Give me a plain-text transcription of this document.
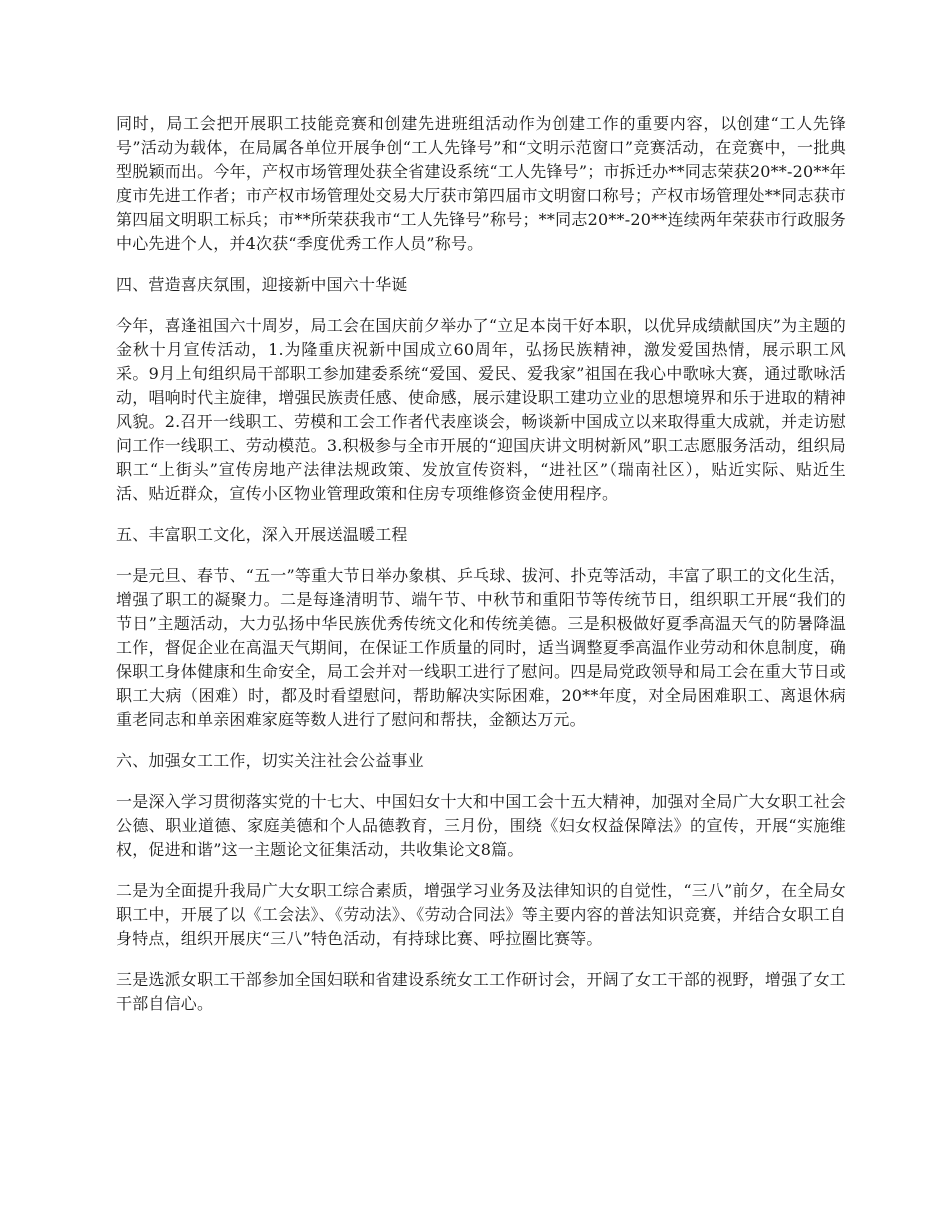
同时，局工会把开展职工技能竞赛和创建先进班组活动作为创建工作的重要内容，以创建“工人先锋号”活动为载体，在局属各单位开展争创“工人先锋号”和“文明示范窗口”竞赛活动，在竞赛中，一批典型脱颖而出。今年，产权市场管理处获全省建设系统“工人先锋号”；市拆迁办**同志荣获20**-20**年度市先进工作者；市产权市场管理处交易大厅获市第四届市文明窗口称号；产权市场管理处**同志获市第四届文明职工标兵；市**所荣获我市“工人先锋号”称号；**同志20**-20**连续两年荣获市行政服务中心先进个人，并4次获“季度优秀工作人员”称号。

四、营造喜庆氛围，迎接新中国六十华诞

今年，喜逢祖国六十周岁，局工会在国庆前夕举办了“立足本岗干好本职，以优异成绩献国庆”为主题的金秋十月宣传活动，1.为隆重庆祝新中国成立60周年，弘扬民族精神，激发爱国热情，展示职工风采。9月上旬组织局干部职工参加建委系统“爱国、爱民、爱我家”祖国在我心中歌咏大赛，通过歌咏活动，唱响时代主旋律，增强民族责任感、使命感，展示建设职工建功立业的思想境界和乐于进取的精神风貌。2.召开一线职工、劳模和工会工作者代表座谈会，畅谈新中国成立以来取得重大成就，并走访慰问工作一线职工、劳动模范。3.积极参与全市开展的“迎国庆讲文明树新风”职工志愿服务活动，组织局职工“上街头”宣传房地产法律法规政策、发放宣传资料，“进社区”（瑞南社区），贴近实际、贴近生活、贴近群众，宣传小区物业管理政策和住房专项维修资金使用程序。

五、丰富职工文化，深入开展送温暖工程

一是元旦、春节、“五一”等重大节日举办象棋、乒乓球、拔河、扑克等活动，丰富了职工的文化生活，增强了职工的凝聚力。二是每逢清明节、端午节、中秋节和重阳节等传统节日，组织职工开展“我们的节日”主题活动，大力弘扬中华民族优秀传统文化和传统美德。三是积极做好夏季高温天气的防暑降温工作，督促企业在高温天气期间，在保证工作质量的同时，适当调整夏季高温作业劳动和休息制度，确保职工身体健康和生命安全，局工会并对一线职工进行了慰问。四是局党政领导和局工会在重大节日或职工大病（困难）时，都及时看望慰问，帮助解决实际困难，20**年度，对全局困难职工、离退休病重老同志和单亲困难家庭等数人进行了慰问和帮扶，金额达万元。

六、加强女工工作，切实关注社会公益事业

一是深入学习贯彻落实党的十七大、中国妇女十大和中国工会十五大精神，加强对全局广大女职工社会公德、职业道德、家庭美德和个人品德教育，三月份，围绕《妇女权益保障法》的宣传，开展“实施维权，促进和谐”这一主题论文征集活动，共收集论文8篇。

二是为全面提升我局广大女职工综合素质，增强学习业务及法律知识的自觉性，“三八”前夕，在全局女职工中，开展了以《工会法》、《劳动法》、《劳动合同法》等主要内容的普法知识竞赛，并结合女职工自身特点，组织开展庆“三八”特色活动，有持球比赛、呼拉圈比赛等。

三是选派女职工干部参加全国妇联和省建设系统女工工作研讨会，开阔了女工干部的视野，增强了女工干部自信心。
